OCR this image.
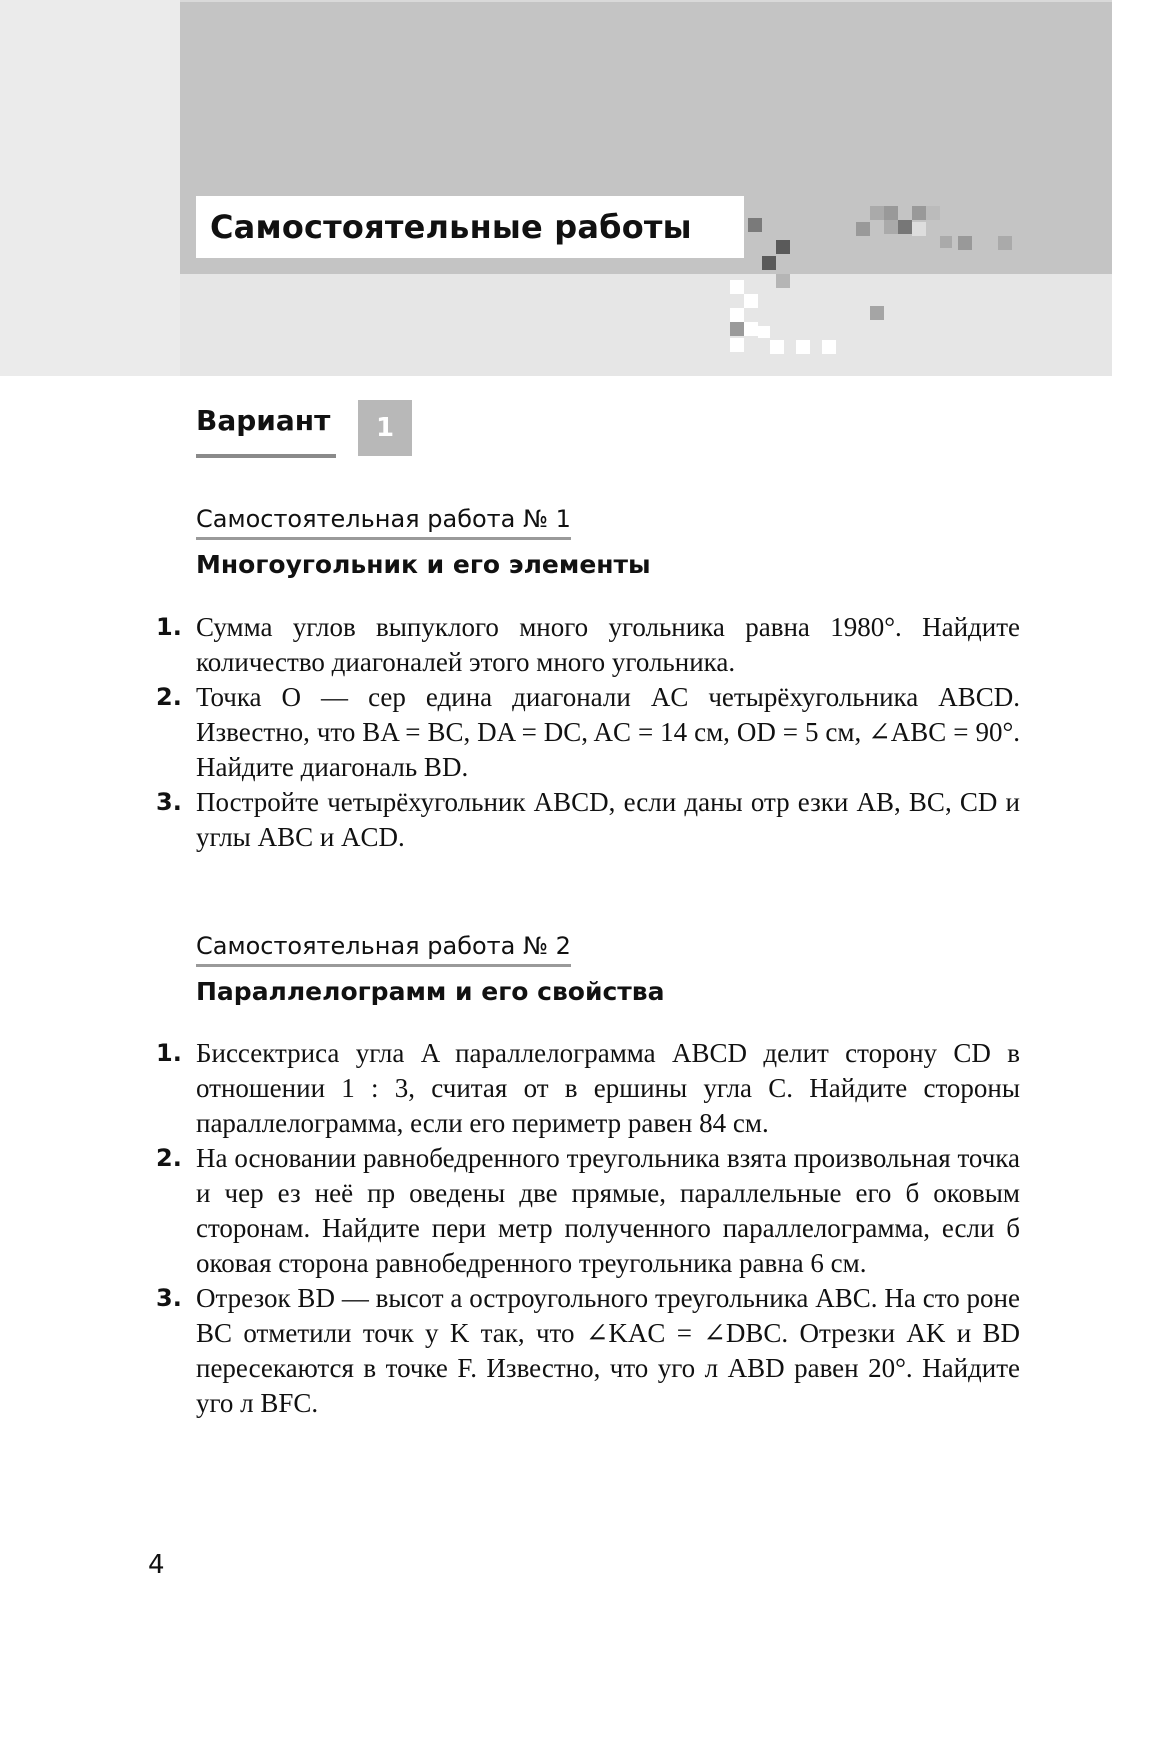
Самостоятельные работы
Вариант 1
Самостоятельная работа № 1
Многоугольник и его элементы
1. Сумма углов выпуклого много угольника равна 1980°. Найдите количество диагоналей этого много угольника.
2. Точка O — сер едина диагонали AC четырёхугольника ABCD. Известно, что BA = BC, DA = DC, AC = 14 см, OD = 5 см, ∠ABC = 90°. Найдите диагональ BD.
3. Постройте четырёхугольник ABCD, если даны отр езки AB, BC, CD и углы ABC и ACD.
Самостоятельная работа № 2
Параллелограмм и его свойства
1. Биссектриса угла A параллелограмма ABCD делит сторону CD в отношении 1 : 3, считая от в ершины угла C. Найдите стороны параллелограмма, если его периметр равен 84 см.
2. На основании равнобедренного треугольника взята произвольная точка и чер ез неё пр оведены две прямые, параллельные его б оковым сторонам. Найдите пери метр полученного параллелограмма, если б оковая сторона равнобедренного треугольника равна 6 см.
3. Отрезок BD — высот а остроугольного треугольника ABC. На сто роне BC отметили точк у K так, что ∠KAC = ∠DBC. Отрезки AK и BD пересекаются в точке F. Известно, что уго л ABD равен 20°. Найдите уго л BFC.
4
